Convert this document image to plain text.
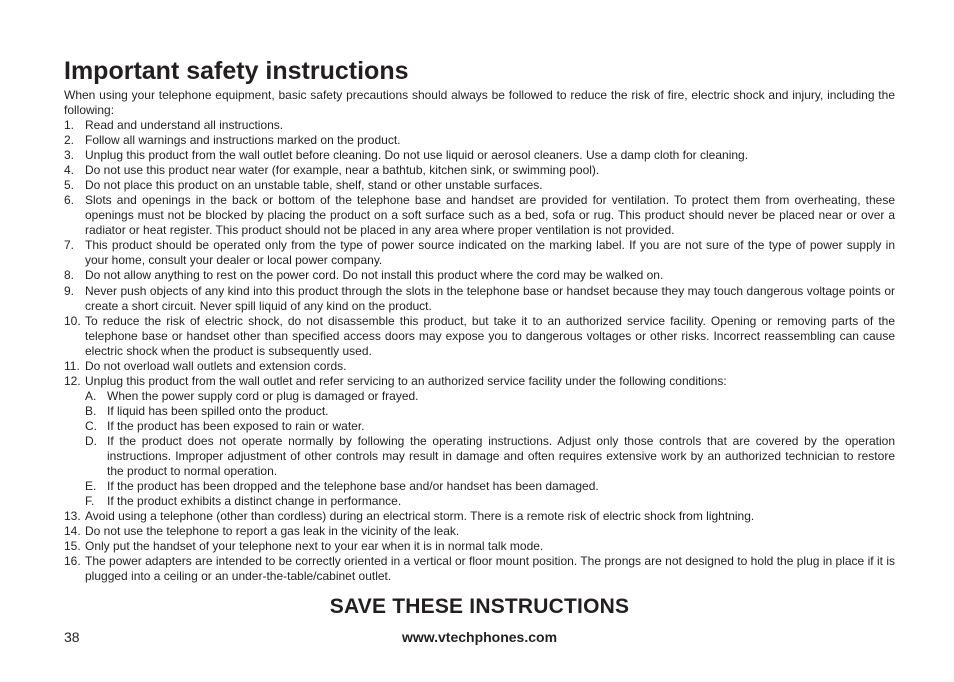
Important safety instructions

When using your telephone equipment, basic safety precautions should always be followed to reduce the risk of fire, electric shock and injury, including the following:

1. Read and understand all instructions.
2. Follow all warnings and instructions marked on the product.
3. Unplug this product from the wall outlet before cleaning. Do not use liquid or aerosol cleaners. Use a damp cloth for cleaning.
4. Do not use this product near water (for example, near a bathtub, kitchen sink, or swimming pool).
5. Do not place this product on an unstable table, shelf, stand or other unstable surfaces.
6. Slots and openings in the back or bottom of the telephone base and handset are provided for ventilation. To protect them from overheating, these openings must not be blocked by placing the product on a soft surface such as a bed, sofa or rug. This product should never be placed near or over a radiator or heat register. This product should not be placed in any area where proper ventilation is not provided.
7. This product should be operated only from the type of power source indicated on the marking label. If you are not sure of the type of power supply in your home, consult your dealer or local power company.
8. Do not allow anything to rest on the power cord. Do not install this product where the cord may be walked on.
9. Never push objects of any kind into this product through the slots in the telephone base or handset because they may touch dangerous voltage points or create a short circuit. Never spill liquid of any kind on the product.
10. To reduce the risk of electric shock, do not disassemble this product, but take it to an authorized service facility. Opening or removing parts of the telephone base or handset other than specified access doors may expose you to dangerous voltages or other risks. Incorrect reassembling can cause electric shock when the product is subsequently used.
11. Do not overload wall outlets and extension cords.
12. Unplug this product from the wall outlet and refer servicing to an authorized service facility under the following conditions:
A. When the power supply cord or plug is damaged or frayed.
B. If liquid has been spilled onto the product.
C. If the product has been exposed to rain or water.
D. If the product does not operate normally by following the operating instructions. Adjust only those controls that are covered by the operation instructions. Improper adjustment of other controls may result in damage and often requires extensive work by an authorized technician to restore the product to normal operation.
E. If the product has been dropped and the telephone base and/or handset has been damaged.
F. If the product exhibits a distinct change in performance.
13. Avoid using a telephone (other than cordless) during an electrical storm. There is a remote risk of electric shock from lightning.
14. Do not use the telephone to report a gas leak in the vicinity of the leak.
15. Only put the handset of your telephone next to your ear when it is in normal talk mode.
16. The power adapters are intended to be correctly oriented in a vertical or floor mount position. The prongs are not designed to hold the plug in place if it is plugged into a ceiling or an under-the-table/cabinet outlet.
SAVE THESE INSTRUCTIONS
38	www.vtechphones.com
